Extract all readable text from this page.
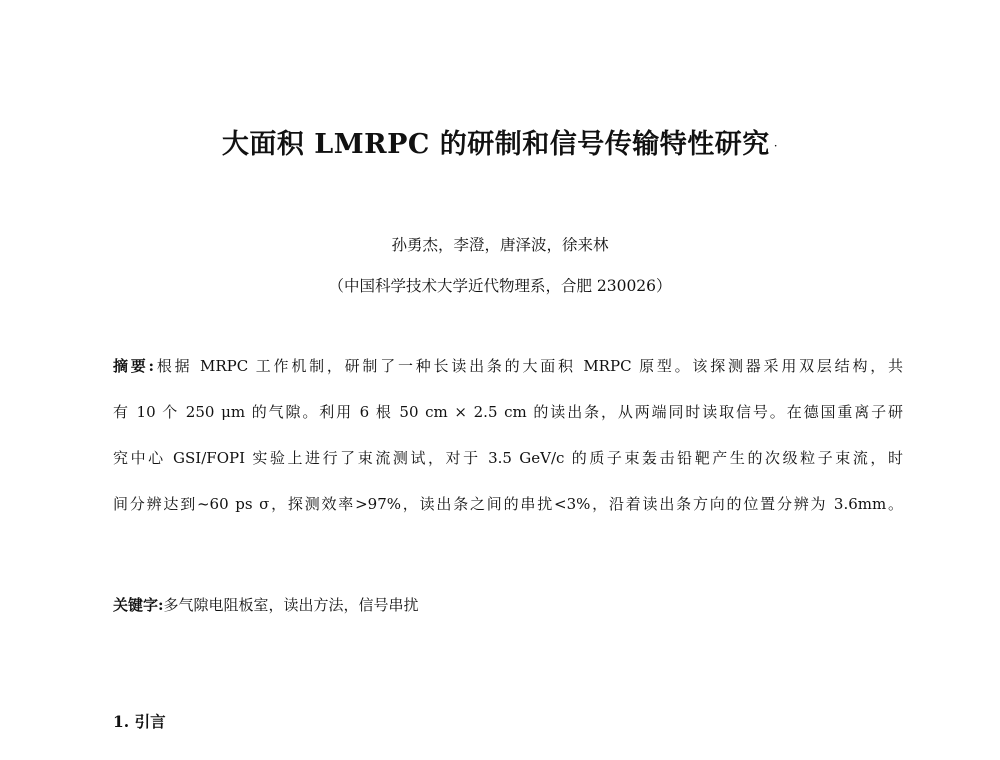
大面积 LMRPC 的研制和信号传输特性研究 ·
孙勇杰，李澄，唐泽波，徐来林
（中国科学技术大学近代物理系，合肥 230026）
摘要:根据 MRPC 工作机制，研制了一种长读出条的大面积 MRPC 原型。该探测器采用双层结构，共
有 10 个 250 μm 的气隙。利用 6 根 50 cm × 2.5 cm 的读出条，从两端同时读取信号。在德国重离子研
究中心 GSI/FOPI 实验上进行了束流测试，对于 3.5 GeV/c 的质子束轰击铅靶产生的次级粒子束流，时
间分辨达到~60 ps σ，探测效率>97%，读出条之间的串扰<3%，沿着读出条方向的位置分辨为 3.6mm。
关键字:多气隙电阻板室，读出方法，信号串扰
1. 引言
